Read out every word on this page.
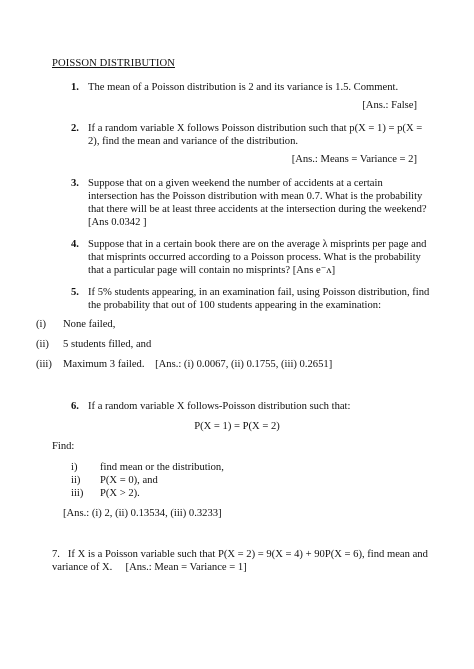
POISSON DISTRIBUTION
1. The mean of a Poisson distribution is 2 and its variance is 1.5. Comment.
[Ans.: False]
2. If a random variable X follows Poisson distribution such that p(X = 1) = p(X =
2), find the mean and variance of the distribution.
[Ans.: Means = Variance = 2]
3. Suppose that on a given weekend the number of accidents at a certain
intersection has the Poisson distribution with mean 0.7. What is the probability
that there will be at least three accidents at the intersection during the weekend?
[Ans 0.0342 ]
4. Suppose that in a certain book there are on the average λ misprints per page and
that misprints occurred according to a Poisson process. What is the probability
that a particular page will contain no misprints? [Ans e⁻ᴧ]
5. If 5% students appearing, in an examination fail, using Poisson distribution, find
the probability that out of 100 students appearing in the examination:
(i) None failed,
(ii) 5 students filled, and
(iii) Maximum 3 failed.    [Ans.: (i) 0.0067, (ii) 0.1755, (iii) 0.2651]
6. If a random variable X follows-Poisson distribution such that:
P(X = 1) = P(X = 2)
Find:
i) find mean or the distribution,
ii) P(X = 0), and
iii) P(X > 2).
[Ans.: (i) 2, (ii) 0.13534, (iii) 0.3233]
7.   If X is a Poisson variable such that P(X = 2) = 9(X = 4) + 90P(X = 6), find mean and
variance of X.     [Ans.: Mean = Variance = 1]
